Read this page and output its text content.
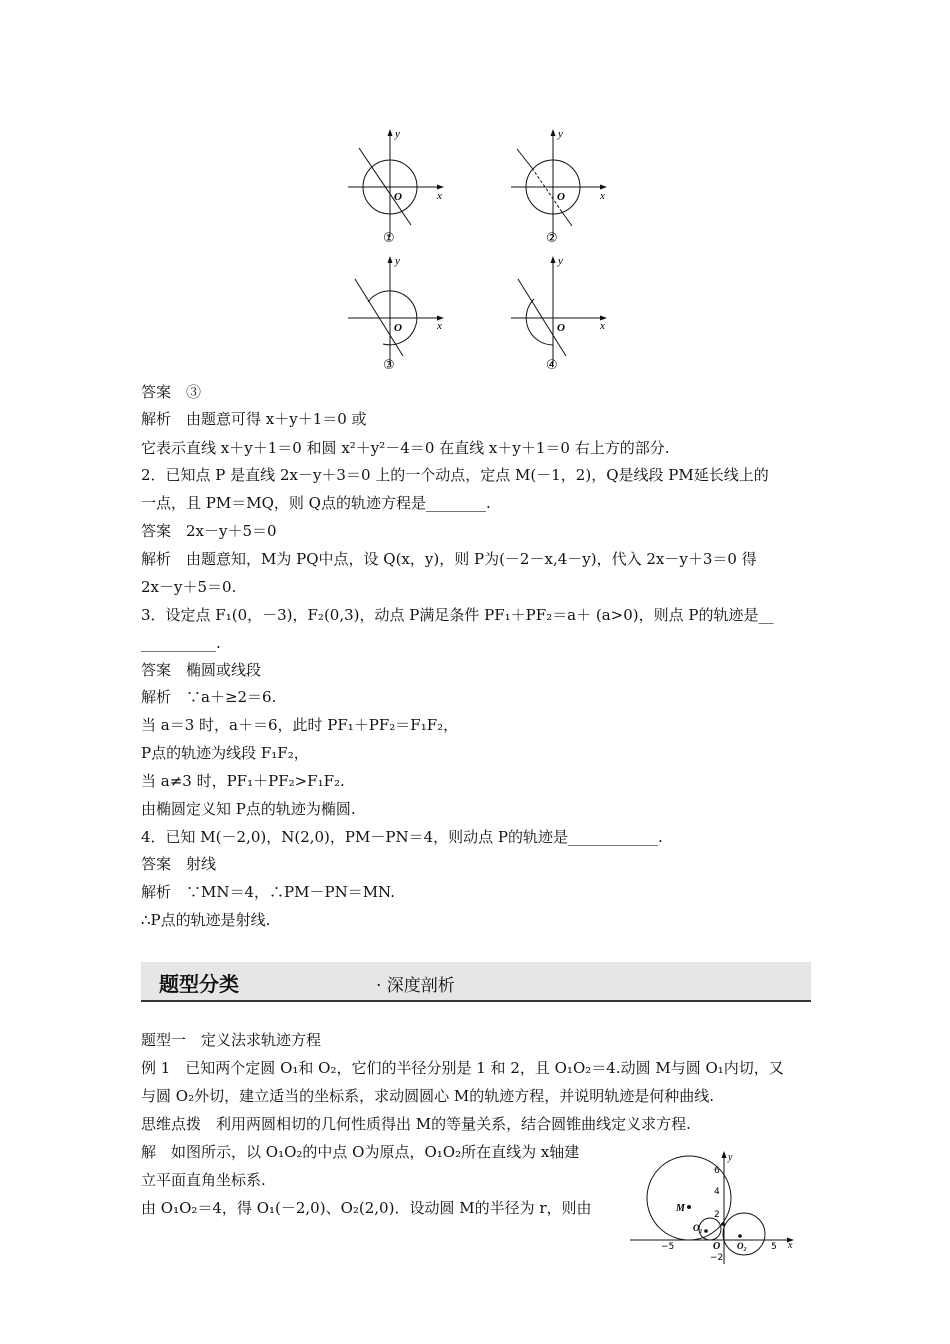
y
x
O
①
y
x
O
②
y
x
O
③
y
x
O
④
答案　③
解析　由题意可得 x＋y＋1＝0 或
它表示直线 x＋y＋1＝0 和圆 x²＋y²－4＝0 在直线 x＋y＋1＝0 右上方的部分.
2．已知点 P 是直线 2x－y＋3＝0 上的一个动点，定点 M(－1，2)，Q是线段 PM延长线上的
一点，且 PM＝MQ，则 Q点的轨迹方程是________.
答案　2x－y＋5＝0
解析　由题意知，M为 PQ中点，设 Q(x，y)，则 P为(－2－x,4－y)，代入 2x－y＋3＝0 得
2x－y＋5＝0.
3．设定点 F₁(0，－3)，F₂(0,3)，动点 P满足条件 PF₁＋PF₂＝a＋ (a>0)，则点 P的轨迹是__
__________.
答案　椭圆或线段
解析　∵a＋≥2＝6.
当 a＝3 时，a＋＝6，此时 PF₁＋PF₂＝F₁F₂，
P点的轨迹为线段 F₁F₂，
当 a≠3 时，PF₁＋PF₂>F₁F₂.
由椭圆定义知 P点的轨迹为椭圆.
4．已知 M(－2,0)，N(2,0)，PM－PN＝4，则动点 P的轨迹是____________.
答案　射线
解析　∵MN＝4，∴PM－PN＝MN.
∴P点的轨迹是射线.
题型分类	· 深度剖析
题型一　定义法求轨迹方程
例 1　已知两个定圆 O₁和 O₂，它们的半径分别是 1 和 2，且 O₁O₂＝4.动圆 M与圆 O₁内切，又
与圆 O₂外切，建立适当的坐标系，求动圆圆心 M的轨迹方程，并说明轨迹是何种曲线.
思维点拨　利用两圆相切的几何性质得出 M的等量关系，结合圆锥曲线定义求方程.
解　如图所示，以 O₁O₂的中点 O为原点，O₁O₂所在直线为 x轴建
立平面直角坐标系.
由 O₁O₂＝4，得 O₁(－2,0)、O₂(2,0)．设动圆 M的半径为 r，则由	M
O₁
O₂
O
y
x
6
4
2
−2
−5	5
